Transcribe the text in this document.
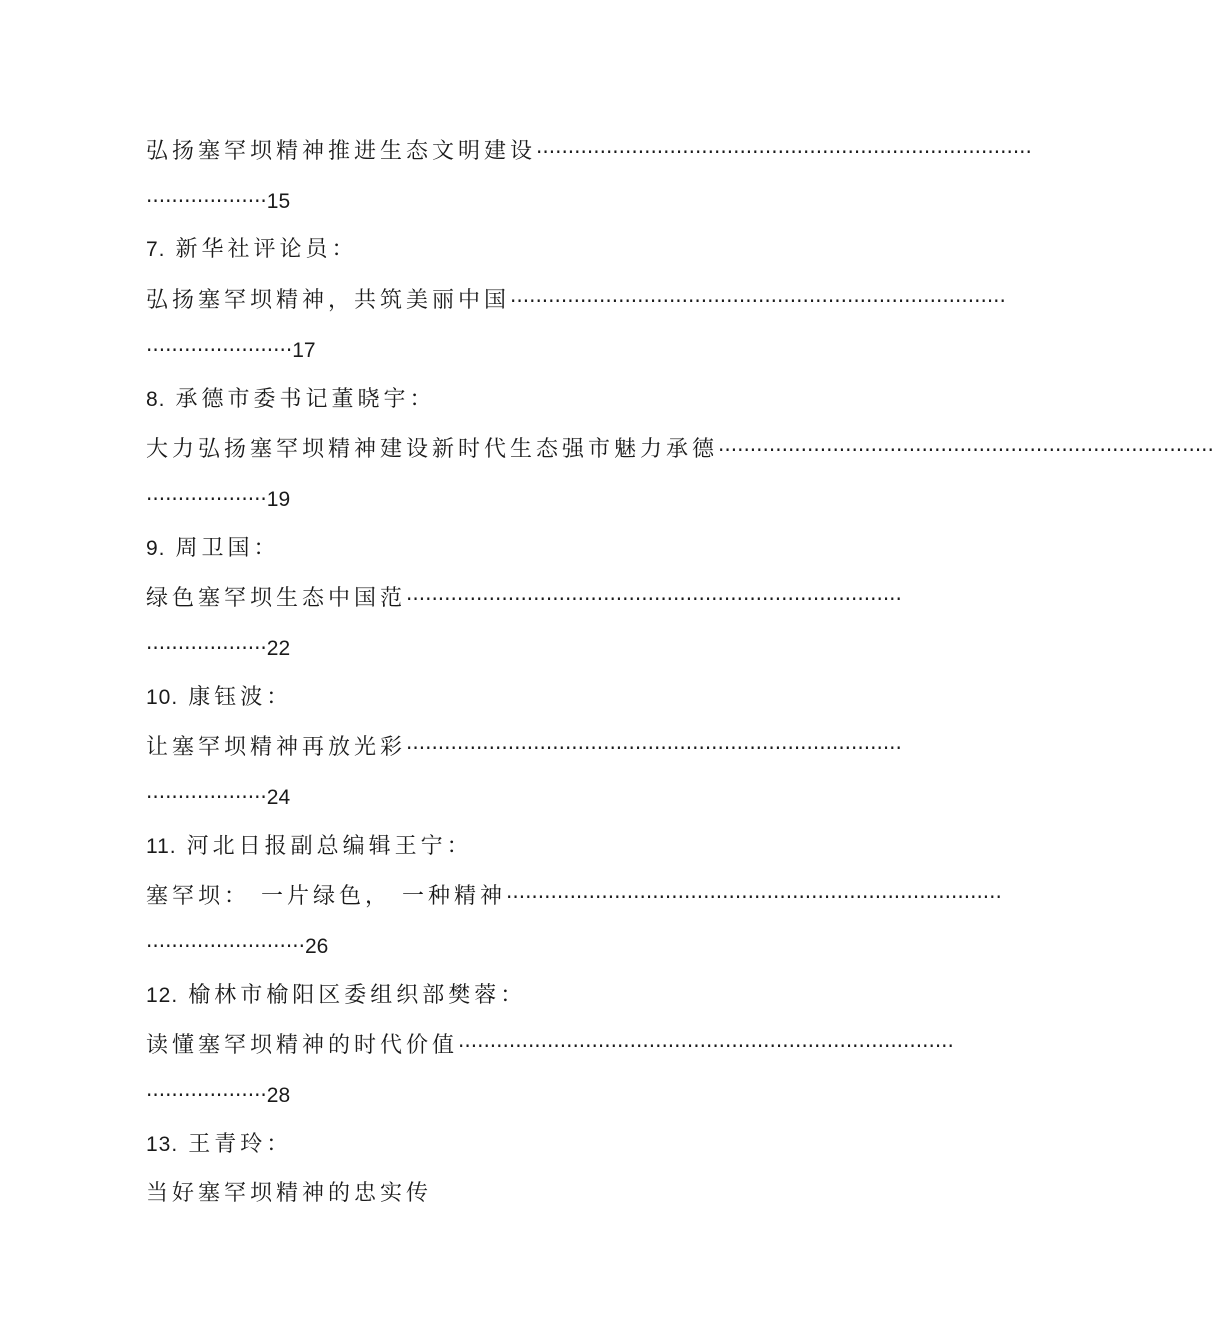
弘扬塞罕坝精神推进生态文明建设 ··············································································
···················15
7. 新华社评论员：
弘扬塞罕坝精神，共筑美丽中国 ··············································································
·······················17
8. 承德市委书记董晓宇：
大力弘扬塞罕坝精神建设新时代生态强市魅力承德 ··············································································
···················19
9. 周卫国：
绿色塞罕坝生态中国范 ··············································································
···················22
10. 康钰波：
让塞罕坝精神再放光彩 ··············································································
···················24
11. 河北日报副总编辑王宁：
塞罕坝： 一片绿色， 一种精神 ··············································································
·························26
12. 榆林市榆阳区委组织部樊蓉：
读懂塞罕坝精神的时代价值 ··············································································
···················28
13. 王青玲：
当好塞罕坝精神的忠实传
